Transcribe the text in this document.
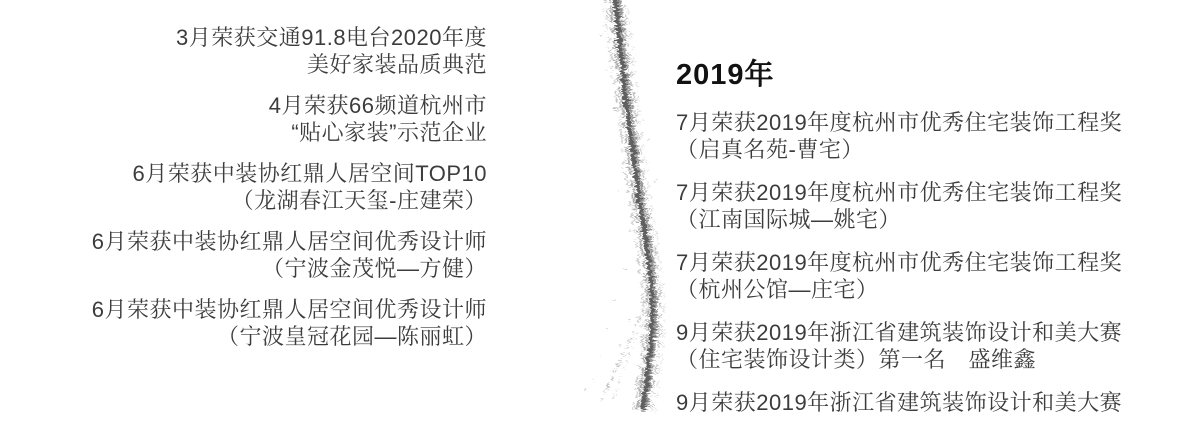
3月荣获交通91.8电台2020年度
美好家装品质典范
4月荣获66频道杭州市
“贴心家装”示范企业
6月荣获中装协红鼎人居空间TOP10
（龙湖春江天玺-庄建荣）
6月荣获中装协红鼎人居空间优秀设计师
（宁波金茂悦—方健）
6月荣获中装协红鼎人居空间优秀设计师
（宁波皇冠花园—陈丽虹）
2019年
7月荣获2019年度杭州市优秀住宅装饰工程奖
（启真名苑-曹宅）
7月荣获2019年度杭州市优秀住宅装饰工程奖
（江南国际城—姚宅）
7月荣获2019年度杭州市优秀住宅装饰工程奖
（杭州公馆—庄宅）
9月荣获2019年浙江省建筑装饰设计和美大赛
（住宅装饰设计类）第一名　盛维鑫
9月荣获2019年浙江省建筑装饰设计和美大赛
